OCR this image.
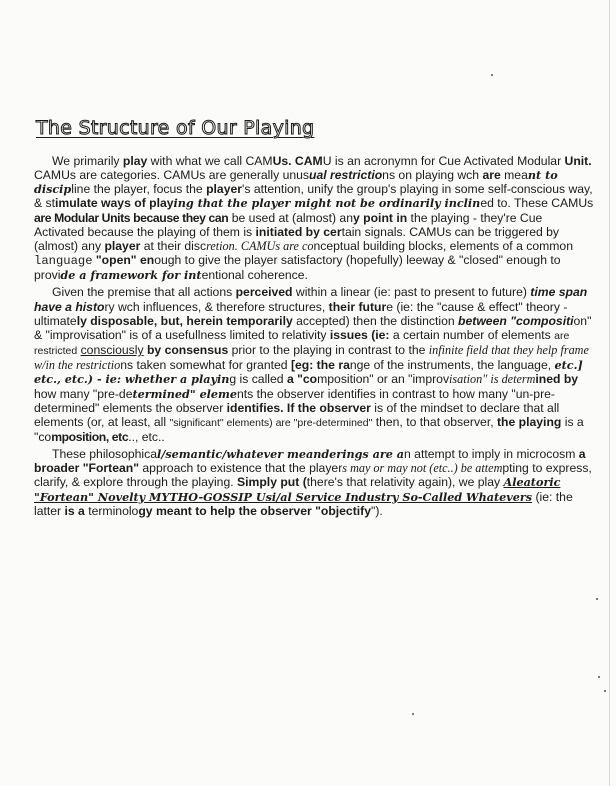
The Structure of Our Playing

We primarily play with what we call CAMUs. CAMU is an acronymn for Cue Activated Modular Unit. CAMUs are categories. CAMUs are generally unusual restrictions on playing wch are meant to discipline the player, focus the player's attention, unify the group's playing in some self-conscious way, & stimulate ways of playing that the player might not be ordinarily inclined to. These CAMUs are Modular Units because they can be used at (almost) any point in the playing - they're Cue Activated because the playing of them is initiated by certain signals. CAMUs can be triggered by (almost) any player at their discretion. CAMUs are conceptual building blocks, elements of a common language "open" enough to give the player satisfactory (hopefully) leeway & "closed" enough to provide a framework for intentional coherence.

Given the premise that all actions perceived within a linear (ie: past to present to future) time span have a history wch influences, & therefore structures, their future (ie: the "cause & effect" theory - ultimately disposable, but, herein temporarily accepted) then the distinction between "composition" & "improvisation" is of a usefullness limited to relativity issues (ie: a certain number of elements are restricted consciously by consensus prior to the playing in contrast to the infinite field that they help frame w/in the restrictions taken somewhat for granted [eg: the range of the instruments, the language, etc.] etc., etc.) - ie: whether a playing is called a "composition" or an "improvisation" is determined by how many "pre-determined" elements the observer identifies in contrast to how many "un-pre-determined" elements the observer identifies. If the observer is of the mindset to declare that all elements (or, at least, all "significant" elements) are "pre-determined" then, to that observer, the playing is a "composition, etc.., etc..

These philosophical/semantic/whatever meanderings are an attempt to imply in microcosm a broader "Fortean" approach to existence that the players may or may not (etc..) be attempting to express, clarify, & explore through the playing. Simply put (there's that relativity again), we play Aleatoric "Fortean" Novelty MYTHO-GOSSIP Usi/al Service Industry So-Called Whatevers (ie: the latter is a terminology meant to help the observer "objectify").
